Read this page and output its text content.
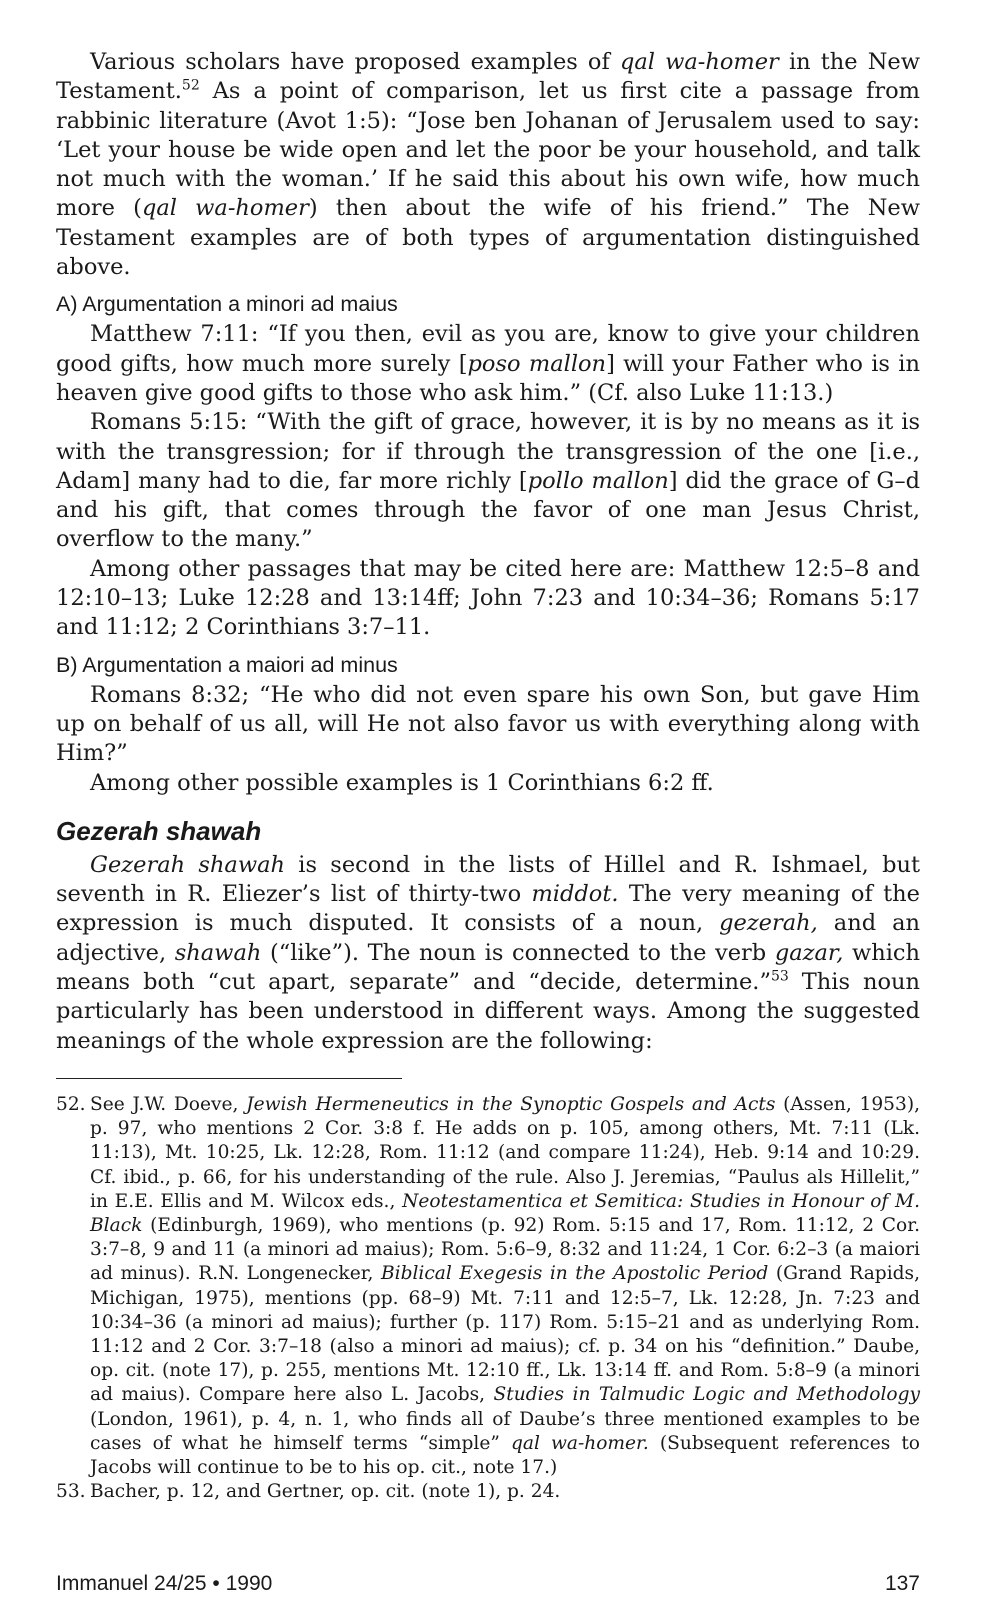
Various scholars have proposed examples of qal wa-homer in the New Testament.$^{52}$ As a point of comparison, let us first cite a passage from rabbinic literature (Avot 1:5): “Jose ben Johanan of Jerusalem used to say: ‘Let your house be wide open and let the poor be your household, and talk not much with the woman.’ If he said this about his own wife, how much more (qal wa-homer) then about the wife of his friend.” The New Testament examples are of both types of argumentation distinguished above.

A) Argumentation a minori ad maius

Matthew 7:11: “If you then, evil as you are, know to give your children good gifts, how much more surely [poso mallon] will your Father who is in heaven give good gifts to those who ask him.” (Cf. also Luke 11:13.)

Romans 5:15: “With the gift of grace, however, it is by no means as it is with the transgression; for if through the transgression of the one [i.e., Adam] many had to die, far more richly [pollo mallon] did the grace of G–d and his gift, that comes through the favor of one man Jesus Christ, overflow to the many.”

Among other passages that may be cited here are: Matthew 12:5–8 and 12:10–13; Luke 12:28 and 13:14ff; John 7:23 and 10:34–36; Romans 5:17 and 11:12; 2 Corinthians 3:7–11.

B) Argumentation a maiori ad minus

Romans 8:32; “He who did not even spare his own Son, but gave Him up on behalf of us all, will He not also favor us with everything along with Him?”

Among other possible examples is 1 Corinthians 6:2 ff.

Gezerah shawah

Gezerah shawah is second in the lists of Hillel and R. Ishmael, but seventh in R. Eliezer’s list of thirty-two middot. The very meaning of the expression is much disputed. It consists of a noun, gezerah, and an adjective, shawah (“like”). The noun is connected to the verb gazar, which means both “cut apart, separate” and “decide, determine.”$^{53}$ This noun particularly has been understood in different ways. Among the suggested meanings of the whole expression are the following:

52. See J.W. Doeve, Jewish Hermeneutics in the Synoptic Gospels and Acts (Assen, 1953), p. 97, who mentions 2 Cor. 3:8 f. He adds on p. 105, among others, Mt. 7:11 (Lk. 11:13), Mt. 10:25, Lk. 12:28, Rom. 11:12 (and compare 11:24), Heb. 9:14 and 10:29. Cf. ibid., p. 66, for his understanding of the rule. Also J. Jeremias, “Paulus als Hillelit,” in E.E. Ellis and M. Wilcox eds., Neotestamentica et Semitica: Studies in Honour of M. Black (Edinburgh, 1969), who mentions (p. 92) Rom. 5:15 and 17, Rom. 11:12, 2 Cor. 3:7–8, 9 and 11 (a minori ad maius); Rom. 5:6–9, 8:32 and 11:24, 1 Cor. 6:2–3 (a maiori ad minus). R.N. Longenecker, Biblical Exegesis in the Apostolic Period (Grand Rapids, Michigan, 1975), mentions (pp. 68–9) Mt. 7:11 and 12:5–7, Lk. 12:28, Jn. 7:23 and 10:34–36 (a minori ad maius); further (p. 117) Rom. 5:15–21 and as underlying Rom. 11:12 and 2 Cor. 3:7–18 (also a minori ad maius); cf. p. 34 on his “definition.” Daube, op. cit. (note 17), p. 255, mentions Mt. 12:10 ff., Lk. 13:14 ff. and Rom. 5:8–9 (a minori ad maius). Compare here also L. Jacobs, Studies in Talmudic Logic and Methodology (London, 1961), p. 4, n. 1, who finds all of Daube’s three mentioned examples to be cases of what he himself terms “simple” qal wa-homer. (Subsequent references to Jacobs will continue to be to his op. cit., note 17.)
53. Bacher, p. 12, and Gertner, op. cit. (note 1), p. 24.
Immanuel 24/25 • 1990	137
